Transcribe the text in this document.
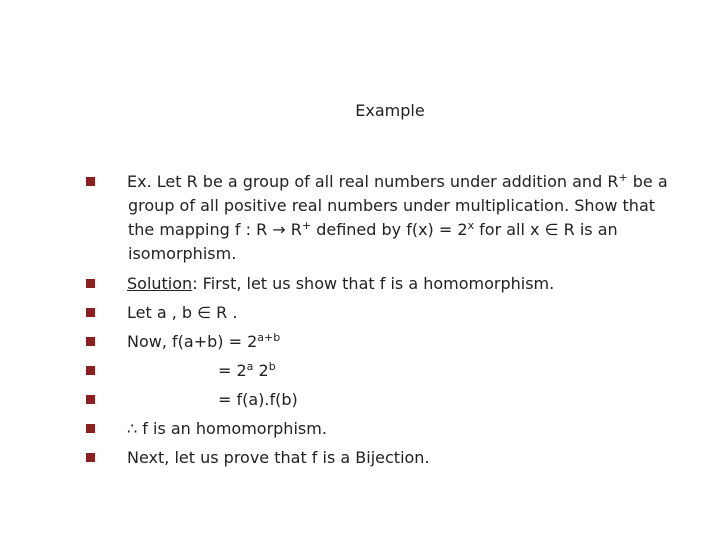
Example
Ex. Let R be a group of all real numbers under addition and R+ be a
group of all positive real numbers under multiplication. Show that
the mapping f : R → R+ defined by $f(x) = 2^x$ for all x ∈ R is an
isomorphism.
Solution: First, let us show that f is a homomorphism.
Let a , b ∈ R .
Now, $f(a+b) = 2^{a+b}$
= $2^a$ $2^b$
= f(a).f(b)
∴ f is an homomorphism.
Next, let us prove that f is a Bijection.
